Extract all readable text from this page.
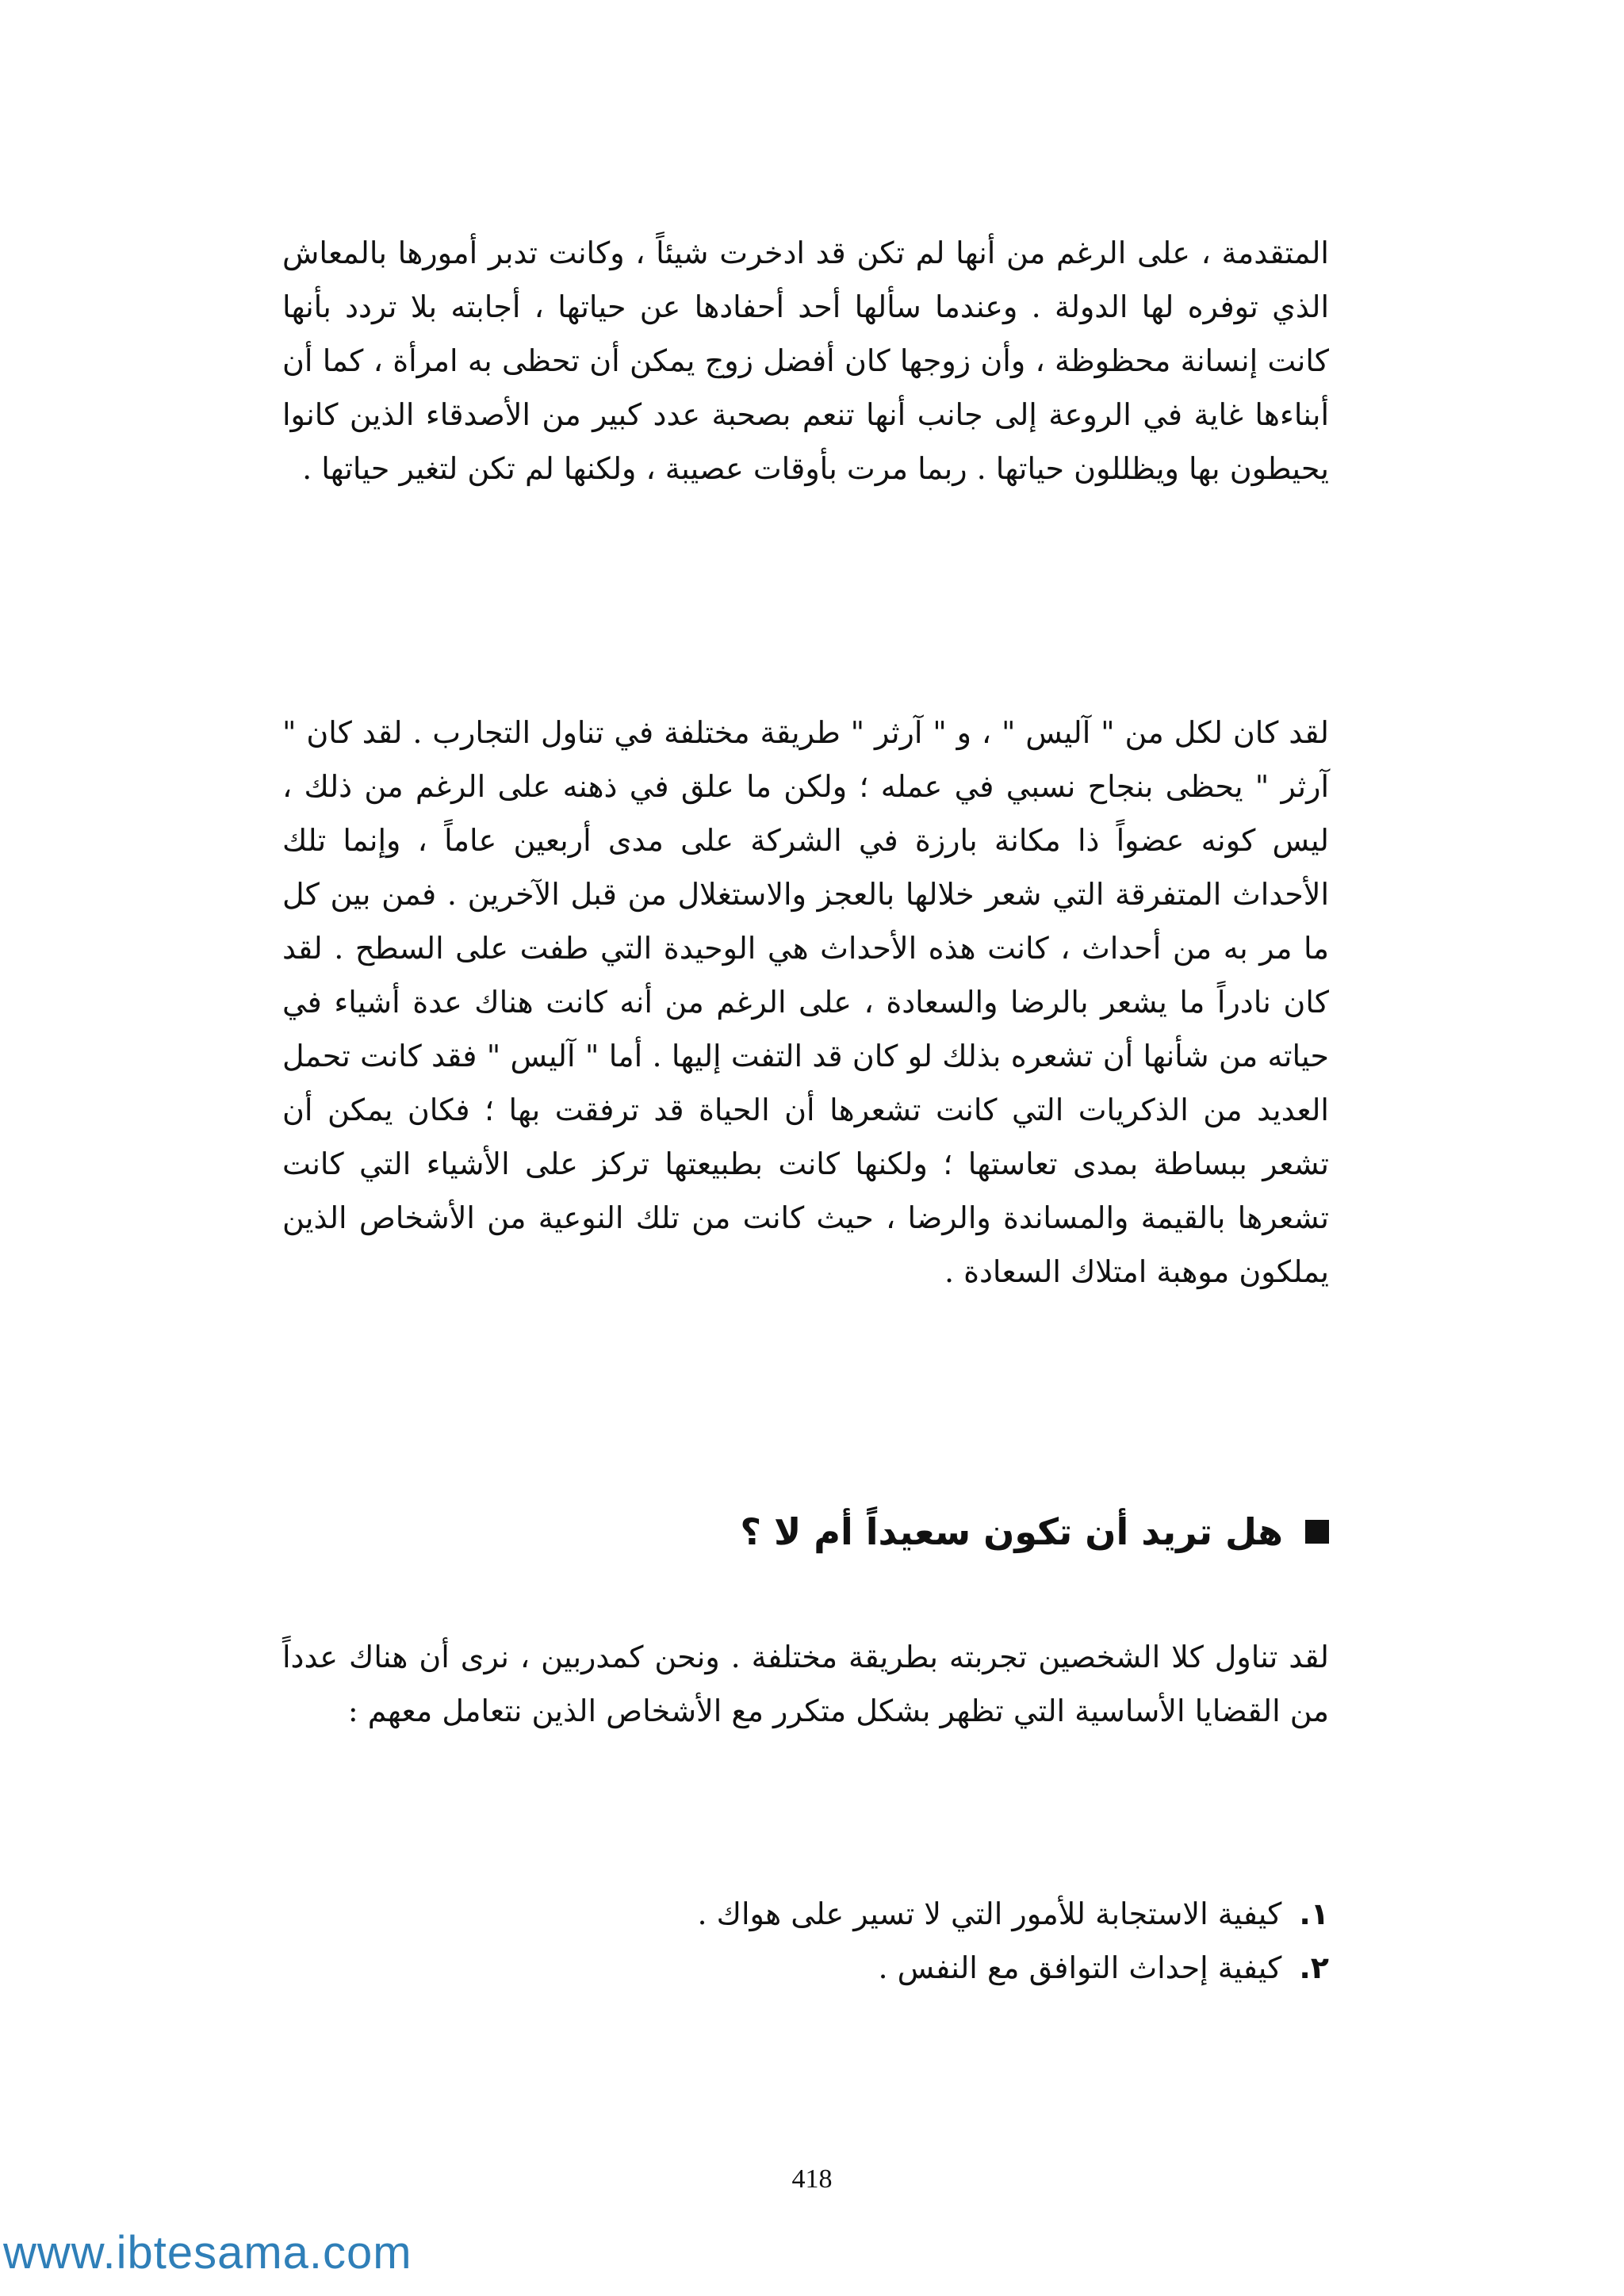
المتقدمة ، على الرغم من أنها لم تكن قد ادخرت شيئاً ، وكانت تدبر أمورها بالمعاش الذي توفره لها الدولة . وعندما سألها أحد أحفادها عن حياتها ، أجابته بلا تردد بأنها كانت إنسانة محظوظة ، وأن زوجها كان أفضل زوج يمكن أن تحظى به امرأة ، كما أن أبناءها غاية في الروعة إلى جانب أنها تنعم بصحبة عدد كبير من الأصدقاء الذين كانوا يحيطون بها ويظللون حياتها . ربما مرت بأوقات عصيبة ، ولكنها لم تكن لتغير حياتها .

لقد كان لكل من " آليس " ، و " آرثر " طريقة مختلفة في تناول التجارب . لقد كان " آرثر " يحظى بنجاح نسبي في عمله ؛ ولكن ما علق في ذهنه على الرغم من ذلك ، ليس كونه عضواً ذا مكانة بارزة في الشركة على مدى أربعين عاماً ، وإنما تلك الأحداث المتفرقة التي شعر خلالها بالعجز والاستغلال من قبل الآخرين . فمن بين كل ما مر به من أحداث ، كانت هذه الأحداث هي الوحيدة التي طفت على السطح . لقد كان نادراً ما يشعر بالرضا والسعادة ، على الرغم من أنه كانت هناك عدة أشياء في حياته من شأنها أن تشعره بذلك لو كان قد التفت إليها . أما " آليس " فقد كانت تحمل العديد من الذكريات التي كانت تشعرها أن الحياة قد ترفقت بها ؛ فكان يمكن أن تشعر ببساطة بمدى تعاستها ؛ ولكنها كانت بطبيعتها تركز على الأشياء التي كانت تشعرها بالقيمة والمساندة والرضا ، حيث كانت من تلك النوعية من الأشخاص الذين يملكون موهبة امتلاك السعادة .

هل تريد أن تكون سعيداً أم لا ؟

لقد تناول كلا الشخصين تجربته بطريقة مختلفة . ونحن كمدربين ، نرى أن هناك عدداً من القضايا الأساسية التي تظهر بشكل متكرر مع الأشخاص الذين نتعامل معهم :

١.
كيفية الاستجابة للأمور التي لا تسير على هواك .
٢.
كيفية إحداث التوافق مع النفس .
418
www.ibtesama.com
